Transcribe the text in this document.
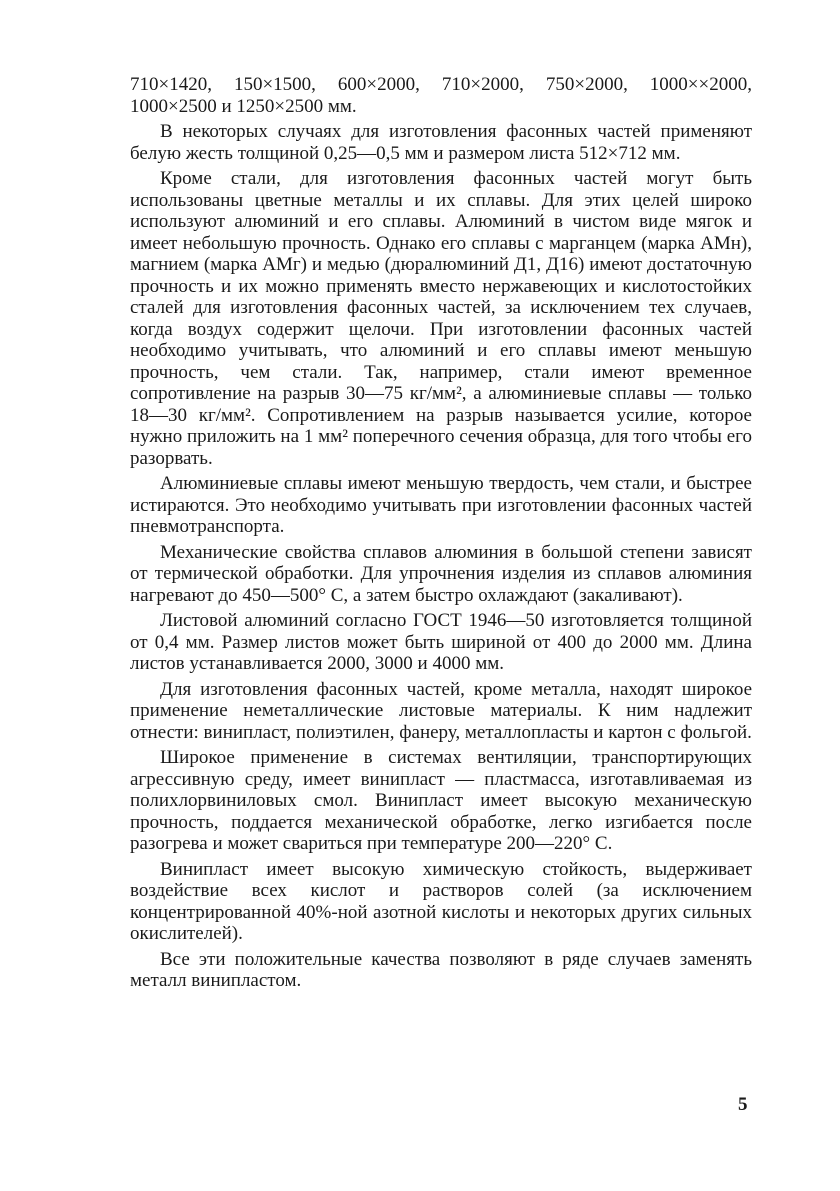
710×1420, 150×1500, 600×2000, 710×2000, 750×2000, 1000××2000, 1000×2500 и 1250×2500 мм.

В некоторых случаях для изготовления фасонных частей применяют белую жесть толщиной 0,25—0,5 мм и размером листа 512×712 мм.

Кроме стали, для изготовления фасонных частей могут быть использованы цветные металлы и их сплавы. Для этих целей широко используют алюминий и его сплавы. Алюминий в чистом виде мягок и имеет небольшую прочность. Однако его сплавы с марганцем (марка АМн), магнием (марка АМг) и медью (дюралюминий Д1, Д16) имеют достаточную прочность и их можно применять вместо нержавеющих и кислотостойких сталей для изготовления фасонных частей, за исключением тех случаев, когда воздух содержит щелочи. При изготовлении фасонных частей необходимо учитывать, что алюминий и его сплавы имеют меньшую прочность, чем стали. Так, например, стали имеют временное сопротивление на разрыв 30—75 кг/мм², а алюминиевые сплавы — только 18—30 кг/мм². Сопротивлением на разрыв называется усилие, которое нужно приложить на 1 мм² поперечного сечения образца, для того чтобы его разорвать.

Алюминиевые сплавы имеют меньшую твердость, чем стали, и быстрее истираются. Это необходимо учитывать при изготовлении фасонных частей пневмотранспорта.

Механические свойства сплавов алюминия в большой степени зависят от термической обработки. Для упрочнения изделия из сплавов алюминия нагревают до 450—500° С, а затем быстро охлаждают (закаливают).

Листовой алюминий согласно ГОСТ 1946—50 изготовляется толщиной от 0,4 мм. Размер листов может быть шириной от 400 до 2000 мм. Длина листов устанавливается 2000, 3000 и 4000 мм.

Для изготовления фасонных частей, кроме металла, находят широкое применение неметаллические листовые материалы. К ним надлежит отнести: винипласт, полиэтилен, фанеру, металлопласты и картон с фольгой.

Широкое применение в системах вентиляции, транспортирующих агрессивную среду, имеет винипласт — пластмасса, изготавливаемая из полихлорвиниловых смол. Винипласт имеет высокую механическую прочность, поддается механической обработке, легко изгибается после разогрева и может свариться при температуре 200—220° С.

Винипласт имеет высокую химическую стойкость, выдерживает воздействие всех кислот и растворов солей (за исключением концентрированной 40%-ной азотной кислоты и некоторых других сильных окислителей).

Все эти положительные качества позволяют в ряде случаев заменять металл винипластом.

5
